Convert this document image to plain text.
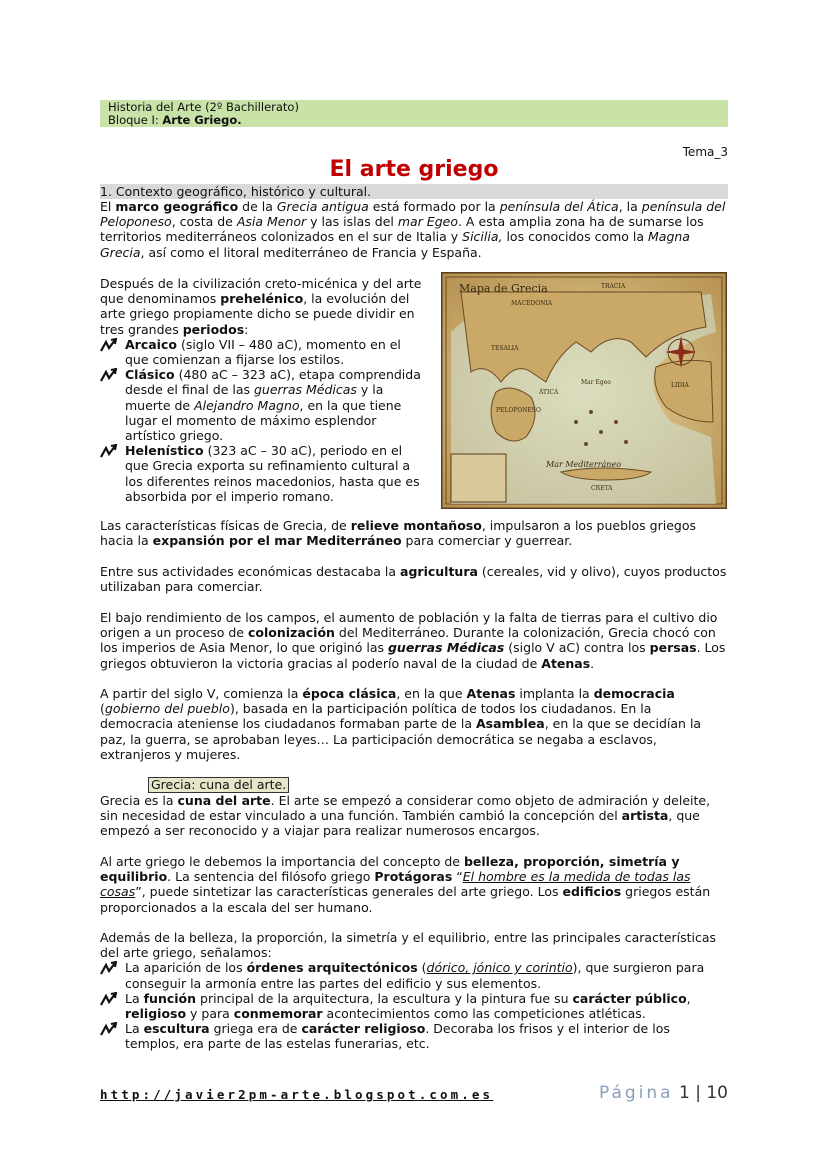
Historia del Arte (2º Bachillerato)
Bloque I: Arte Griego.
Tema_3
El arte griego
1. Contexto geográfico, histórico y cultural.

El marco geográfico de la Grecia antigua está formado por la península del Ática, la península del Peloponeso, costa de Asia Menor y las islas del mar Egeo. A esta amplia zona ha de sumarse los territorios mediterráneos colonizados en el sur de Italia y Sicilia, los conocidos como la Magna Grecia, así como el litoral mediterráneo de Francia y España.

Después de la civilización creto-micénica y del arte que denominamos prehelénico, la evolución del arte griego propiamente dicho se puede dividir en tres grandes periodos:

Arcaico (siglo VII – 480 aC), momento en el que comienzan a fijarse los estilos.
Clásico (480 aC – 323 aC), etapa comprendida desde el final de las guerras Médicas y la muerte de Alejandro Magno, en la que tiene lugar el momento de máximo esplendor artístico griego.
Helenístico (323 aC – 30 aC), periodo en el que Grecia exporta su refinamiento cultural a los diferentes reinos macedonios, hasta que es absorbida por el imperio romano.
Mapa de Grecia	TRACIA
MACEDONIA
TESALIA
Mar Egeo
ÁTICA
PELOPONESO
LIDIA
CRETA
Mar Mediterráneo

Las características físicas de Grecia, de relieve montañoso, impulsaron a los pueblos griegos hacia la expansión por el mar Mediterráneo para comerciar y guerrear.

Entre sus actividades económicas destacaba la agricultura (cereales, vid y olivo), cuyos productos utilizaban para comerciar.

El bajo rendimiento de los campos, el aumento de población y la falta de tierras para el cultivo dio origen a un proceso de colonización del Mediterráneo. Durante la colonización, Grecia chocó con los imperios de Asia Menor, lo que originó las guerras Médicas (siglo V aC) contra los persas. Los griegos obtuvieron la victoria gracias al poderío naval de la ciudad de Atenas.

A partir del siglo V, comienza la época clásica, en la que Atenas implanta la democracia (gobierno del pueblo), basada en la participación política de todos los ciudadanos. En la democracia ateniense los ciudadanos formaban parte de la Asamblea, en la que se decidían la paz, la guerra, se aprobaban leyes… La participación democrática se negaba a esclavos, extranjeros y mujeres.

Grecia: cuna del arte.

Grecia es la cuna del arte. El arte se empezó a considerar como objeto de admiración y deleite, sin necesidad de estar vinculado a una función. También cambió la concepción del artista, que empezó a ser reconocido y a viajar para realizar numerosos encargos.

Al arte griego le debemos la importancia del concepto de belleza, proporción, simetría y equilibrio. La sentencia del filósofo griego Protágoras “El hombre es la medida de todas las cosas”, puede sintetizar las características generales del arte griego. Los edificios griegos están proporcionados a la escala del ser humano.

Además de la belleza, la proporción, la simetría y el equilibrio, entre las principales características del arte griego, señalamos:

La aparición de los órdenes arquitectónicos (dórico, jónico y corintio), que surgieron para conseguir la armonía entre las partes del edificio y sus elementos.
La función principal de la arquitectura, la escultura y la pintura fue su carácter público, religioso y para conmemorar acontecimientos como las competiciones atléticas.
La escultura griega era de carácter religioso. Decoraba los frisos y el interior de los templos, era parte de las estelas funerarias, etc.
http://javier2pm-arte.blogspot.com.es	Página 1 | 10
